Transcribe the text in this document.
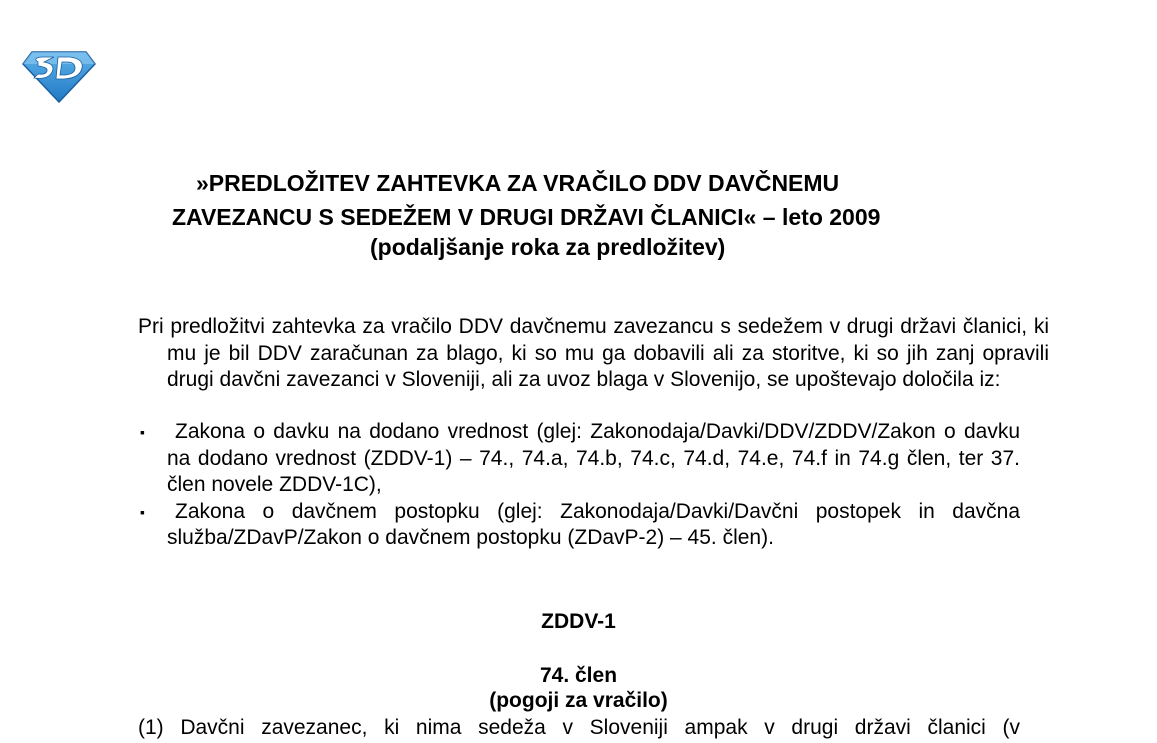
»PREDLOŽITEV ZAHTEVKA ZA VRAČILO DDV DAVČNEMU
ZAVEZANCU S SEDEŽEM V DRUGI DRŽAVI ČLANICI« – leto 2009
(podaljšanje roka za predložitev)
Pri predložitvi zahtevka za vračilo DDV davčnemu zavezancu s sedežem v drugi državi članici, ki mu je bil DDV zaračunan za blago, ki so mu ga dobavili ali za storitve, ki so jih zanj opravili drugi davčni zavezanci v Sloveniji, ali za uvoz blaga v Slovenijo, se upoštevajo določila iz:
▪	Zakona o davku na dodano vrednost (glej: Zakonodaja/Davki/DDV/ZDDV/Zakon o davku na dodano vrednost (ZDDV-1) – 74., 74.a, 74.b, 74.c, 74.d, 74.e, 74.f in 74.g člen, ter 37. člen novele ZDDV-1C),
▪	Zakona o davčnem postopku (glej: Zakonodaja/Davki/Davčni postopek in davčna služba/ZDavP/Zakon o davčnem postopku (ZDavP-2) – 45. člen).
ZDDV-1
74. člen
(pogoji za vračilo)
(1) Davčni zavezanec, ki nima sedeža v Sloveniji ampak v drugi državi članici (v
